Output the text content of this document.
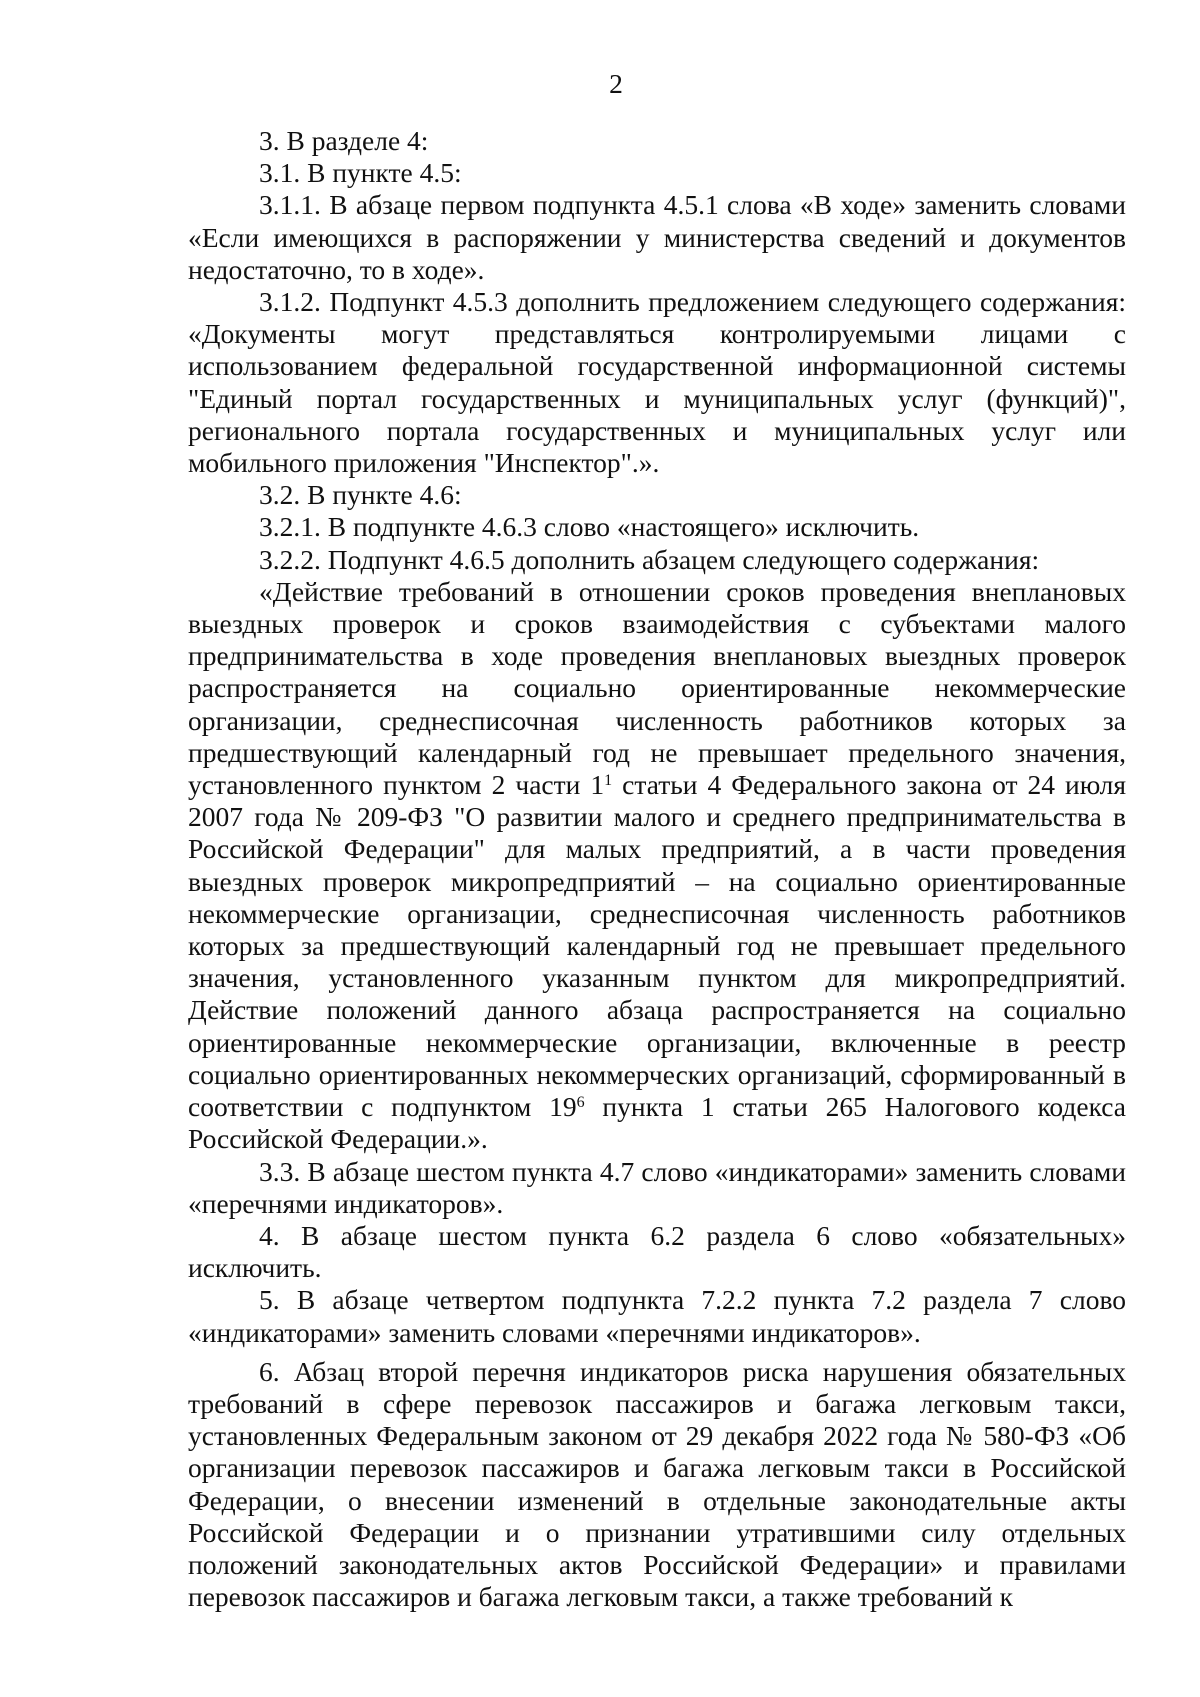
2

3. В разделе 4:

3.1. В пункте 4.5:

3.1.1. В абзаце первом подпункта 4.5.1 слова «В ходе» заменить словами «Если имеющихся в распоряжении у министерства сведений и документов недостаточно, то в ходе».

3.1.2. Подпункт 4.5.3 дополнить предложением следующего содержания: «Документы могут представляться контролируемыми лицами с использованием федеральной государственной информационной системы "Единый портал государственных и муниципальных услуг (функций)", регионального портала государственных и муниципальных услуг или мобильного приложения "Инспектор".».

3.2. В пункте 4.6:

3.2.1. В подпункте 4.6.3 слово «настоящего» исключить.

3.2.2. Подпункт 4.6.5 дополнить абзацем следующего содержания:

«Действие требований в отношении сроков проведения внеплановых выездных проверок и сроков взаимодействия с субъектами малого предпринимательства в ходе проведения внеплановых выездных проверок распространяется на социально ориентированные некоммерческие организации, среднесписочная численность работников которых за предшествующий календарный год не превышает предельного значения, установленного пунктом 2 части $1^1$ статьи 4 Федерального закона от 24 июля 2007 года № 209-ФЗ "О развитии малого и среднего предпринимательства в Российской Федерации" для малых предприятий, а в части проведения выездных проверок микропредприятий – на социально ориентированные некоммерческие организации, среднесписочная численность работников которых за предшествующий календарный год не превышает предельного значения, установленного указанным пунктом для микропредприятий. Действие положений данного абзаца распространяется на социально ориентированные некоммерческие организации, включенные в реестр социально ориентированных некоммерческих организаций, сформированный в соответствии с подпунктом $19^6$ пункта 1 статьи 265 Налогового кодекса Российской Федерации.».

3.3. В абзаце шестом пункта 4.7 слово «индикаторами» заменить словами «перечнями индикаторов».

4. В абзаце шестом пункта 6.2 раздела 6 слово «обязательных» исключить.

5. В абзаце четвертом подпункта 7.2.2 пункта 7.2 раздела 7 слово «индикаторами» заменить словами «перечнями индикаторов».

6. Абзац второй перечня индикаторов риска нарушения обязательных требований в сфере перевозок пассажиров и багажа легковым такси, установленных Федеральным законом от 29 декабря 2022 года № 580-ФЗ «Об организации перевозок пассажиров и багажа легковым такси в Российской Федерации, о внесении изменений в отдельные законодательные акты Российской Федерации и о признании утратившими силу отдельных положений законодательных актов Российской Федерации» и правилами перевозок пассажиров и багажа легковым такси, а также требований к
